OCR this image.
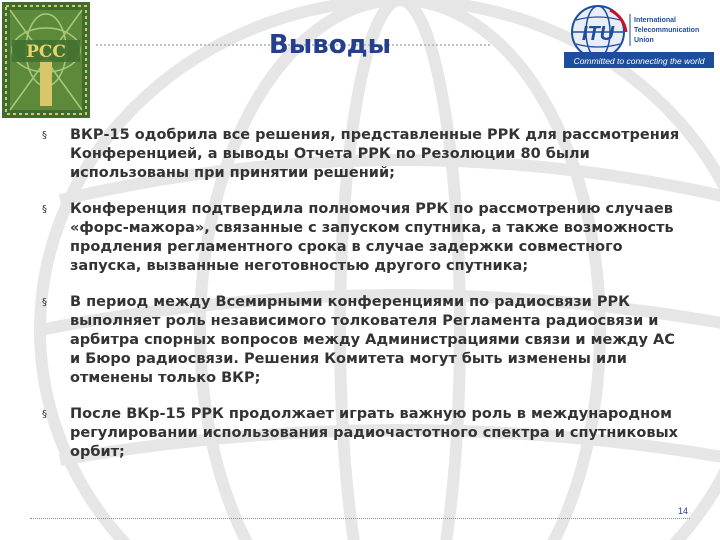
РСС	Выводы	ITU
International
Telecommunication
Union
Committed to connecting the world
§	ВКР-15 одобрила все решения, представленные РРК для рассмотрения Конференцией, а выводы Отчета РРК по Резолюции 80 были использованы при принятии решений;
§	Конференция подтвердила полномочия РРК по рассмотрению случаев «форс-мажора», связанные с запуском спутника, а также возможность продления регламентного срока в случае задержки совместного запуска, вызванные неготовностью другого спутника;
§	В период между Всемирными конференциями по радиосвязи РРК выполняет роль независимого толкователя Регламента радиосвязи и арбитра спорных вопросов между Администрациями связи и между АС и Бюро радиосвязи. Решения Комитета могут быть изменены или отменены только ВКР;
§	После ВКр-15 РРК продолжает играть важную роль в международном регулировании использования радиочастотного спектра и спутниковых орбит;
14
